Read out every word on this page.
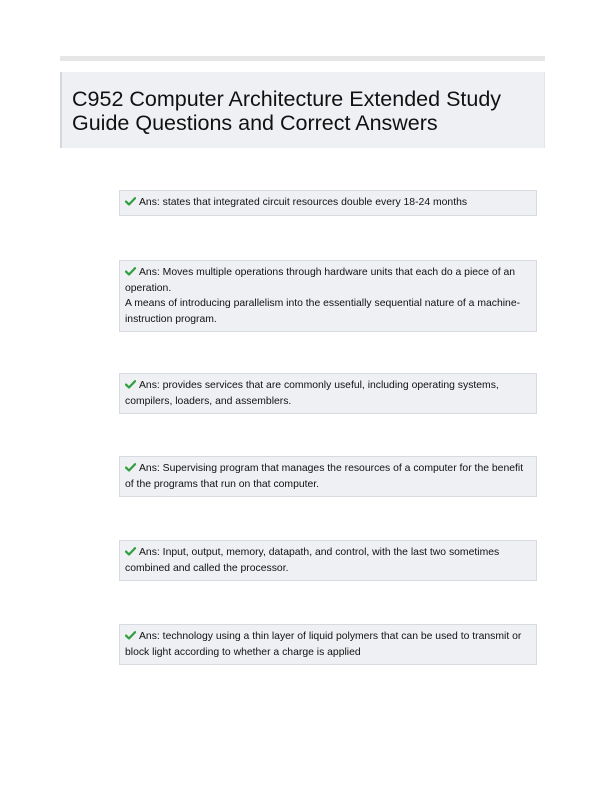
C952 Computer Architecture Extended Study Guide Questions and Correct Answers
Ans: states that integrated circuit resources double every 18-24 months
Ans: Moves multiple operations through hardware units that each do a piece of an operation.
A means of introducing parallelism into the essentially sequential nature of a machine-instruction program.
Ans: provides services that are commonly useful, including operating systems, compilers, loaders, and assemblers.
Ans: Supervising program that manages the resources of a computer for the benefit of the programs that run on that computer.
Ans: Input, output, memory, datapath, and control, with the last two sometimes combined and called the processor.
Ans: technology using a thin layer of liquid polymers that can be used to transmit or block light according to whether a charge is applied
